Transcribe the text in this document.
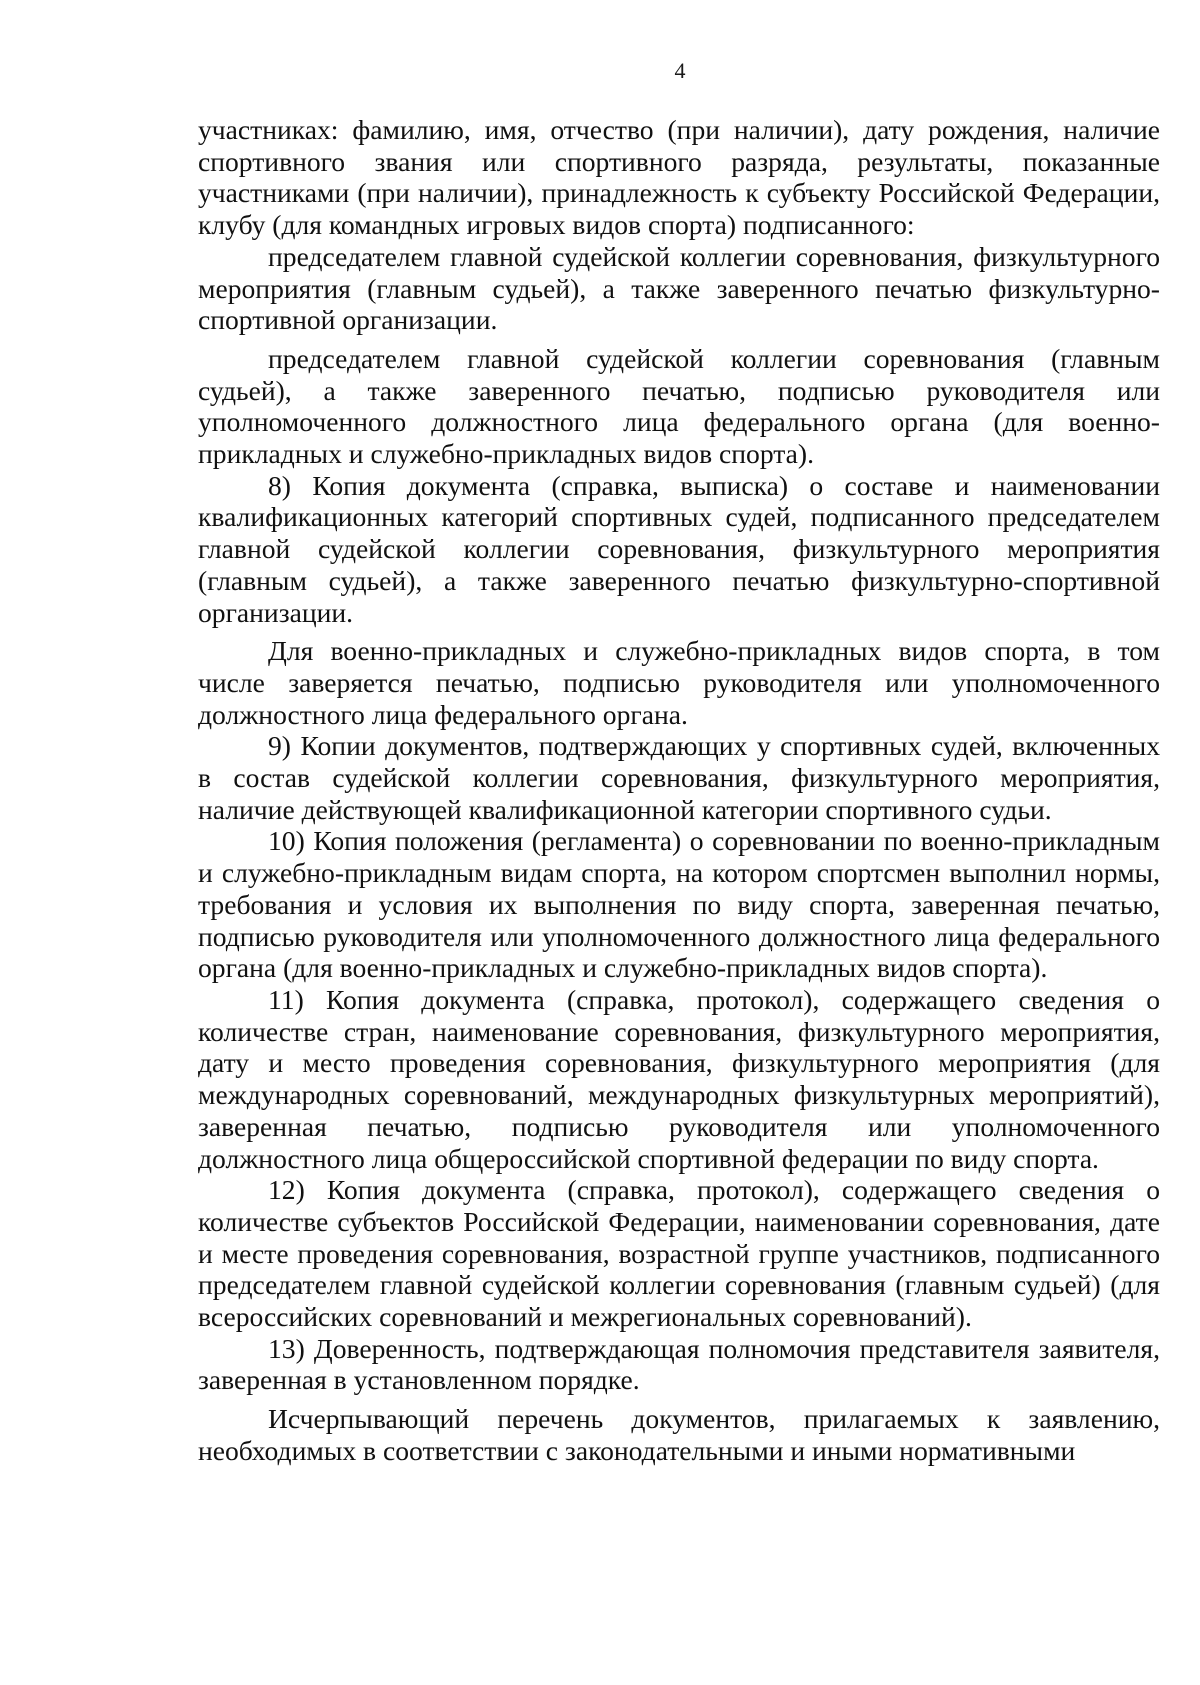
4

участниках: фамилию, имя, отчество (при наличии), дату рождения, наличие спортивного звания или спортивного разряда, результаты, показанные участниками (при наличии), принадлежность к субъекту Российской Федерации, клубу (для командных игровых видов спорта) подписанного:

председателем главной судейской коллегии соревнования, физкультурного мероприятия (главным судьей), а также заверенного печатью физкультурно-спортивной организации.

председателем главной судейской коллегии соревнования (главным судьей), а также заверенного печатью, подписью руководителя или уполномоченного должностного лица федерального органа (для военно-прикладных и служебно-прикладных видов спорта).

8) Копия документа (справка, выписка) о составе и наименовании квалификационных категорий спортивных судей, подписанного председателем главной судейской коллегии соревнования, физкультурного мероприятия (главным судьей), а также заверенного печатью физкультурно-спортивной организации.

Для военно-прикладных и служебно-прикладных видов спорта, в том числе заверяется печатью, подписью руководителя или уполномоченного должностного лица федерального органа.

9) Копии документов, подтверждающих у спортивных судей, включенных в состав судейской коллегии соревнования, физкультурного мероприятия, наличие действующей квалификационной категории спортивного судьи.

10) Копия положения (регламента) о соревновании по военно-прикладным и служебно-прикладным видам спорта, на котором спортсмен выполнил нормы, требования и условия их выполнения по виду спорта, заверенная печатью, подписью руководителя или уполномоченного должностного лица федерального органа (для военно-прикладных и служебно-прикладных видов спорта).

11) Копия документа (справка, протокол), содержащего сведения о количестве стран, наименование соревнования, физкультурного мероприятия, дату и место проведения соревнования, физкультурного мероприятия (для международных соревнований, международных физкультурных мероприятий), заверенная печатью, подписью руководителя или уполномоченного должностного лица общероссийской спортивной федерации по виду спорта.

12) Копия документа (справка, протокол), содержащего сведения о количестве субъектов Российской Федерации, наименовании соревнования, дате и месте проведения соревнования, возрастной группе участников, подписанного председателем главной судейской коллегии соревнования (главным судьей) (для всероссийских соревнований и межрегиональных соревнований).

13) Доверенность, подтверждающая полномочия представителя заявителя, заверенная в установленном порядке.

Исчерпывающий перечень документов, прилагаемых к заявлению, необходимых в соответствии с законодательными и иными нормативными
